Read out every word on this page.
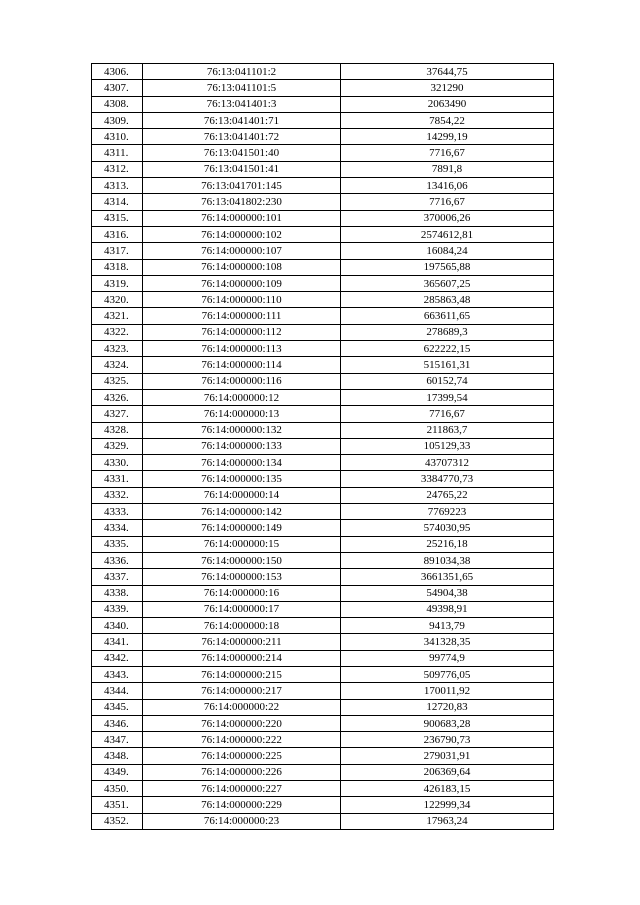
4306.	76:13:041101:2	37644,75
4307.	76:13:041101:5	321290
4308.	76:13:041401:3	2063490
4309.	76:13:041401:71	7854,22
4310.	76:13:041401:72	14299,19
4311.	76:13:041501:40	7716,67
4312.	76:13:041501:41	7891,8
4313.	76:13:041701:145	13416,06
4314.	76:13:041802:230	7716,67
4315.	76:14:000000:101	370006,26
4316.	76:14:000000:102	2574612,81
4317.	76:14:000000:107	16084,24
4318.	76:14:000000:108	197565,88
4319.	76:14:000000:109	365607,25
4320.	76:14:000000:110	285863,48
4321.	76:14:000000:111	663611,65
4322.	76:14:000000:112	278689,3
4323.	76:14:000000:113	622222,15
4324.	76:14:000000:114	515161,31
4325.	76:14:000000:116	60152,74
4326.	76:14:000000:12	17399,54
4327.	76:14:000000:13	7716,67
4328.	76:14:000000:132	211863,7
4329.	76:14:000000:133	105129,33
4330.	76:14:000000:134	43707312
4331.	76:14:000000:135	3384770,73
4332.	76:14:000000:14	24765,22
4333.	76:14:000000:142	7769223
4334.	76:14:000000:149	574030,95
4335.	76:14:000000:15	25216,18
4336.	76:14:000000:150	891034,38
4337.	76:14:000000:153	3661351,65
4338.	76:14:000000:16	54904,38
4339.	76:14:000000:17	49398,91
4340.	76:14:000000:18	9413,79
4341.	76:14:000000:211	341328,35
4342.	76:14:000000:214	99774,9
4343.	76:14:000000:215	509776,05
4344.	76:14:000000:217	170011,92
4345.	76:14:000000:22	12720,83
4346.	76:14:000000:220	900683,28
4347.	76:14:000000:222	236790,73
4348.	76:14:000000:225	279031,91
4349.	76:14:000000:226	206369,64
4350.	76:14:000000:227	426183,15
4351.	76:14:000000:229	122999,34
4352.	76:14:000000:23	17963,24
